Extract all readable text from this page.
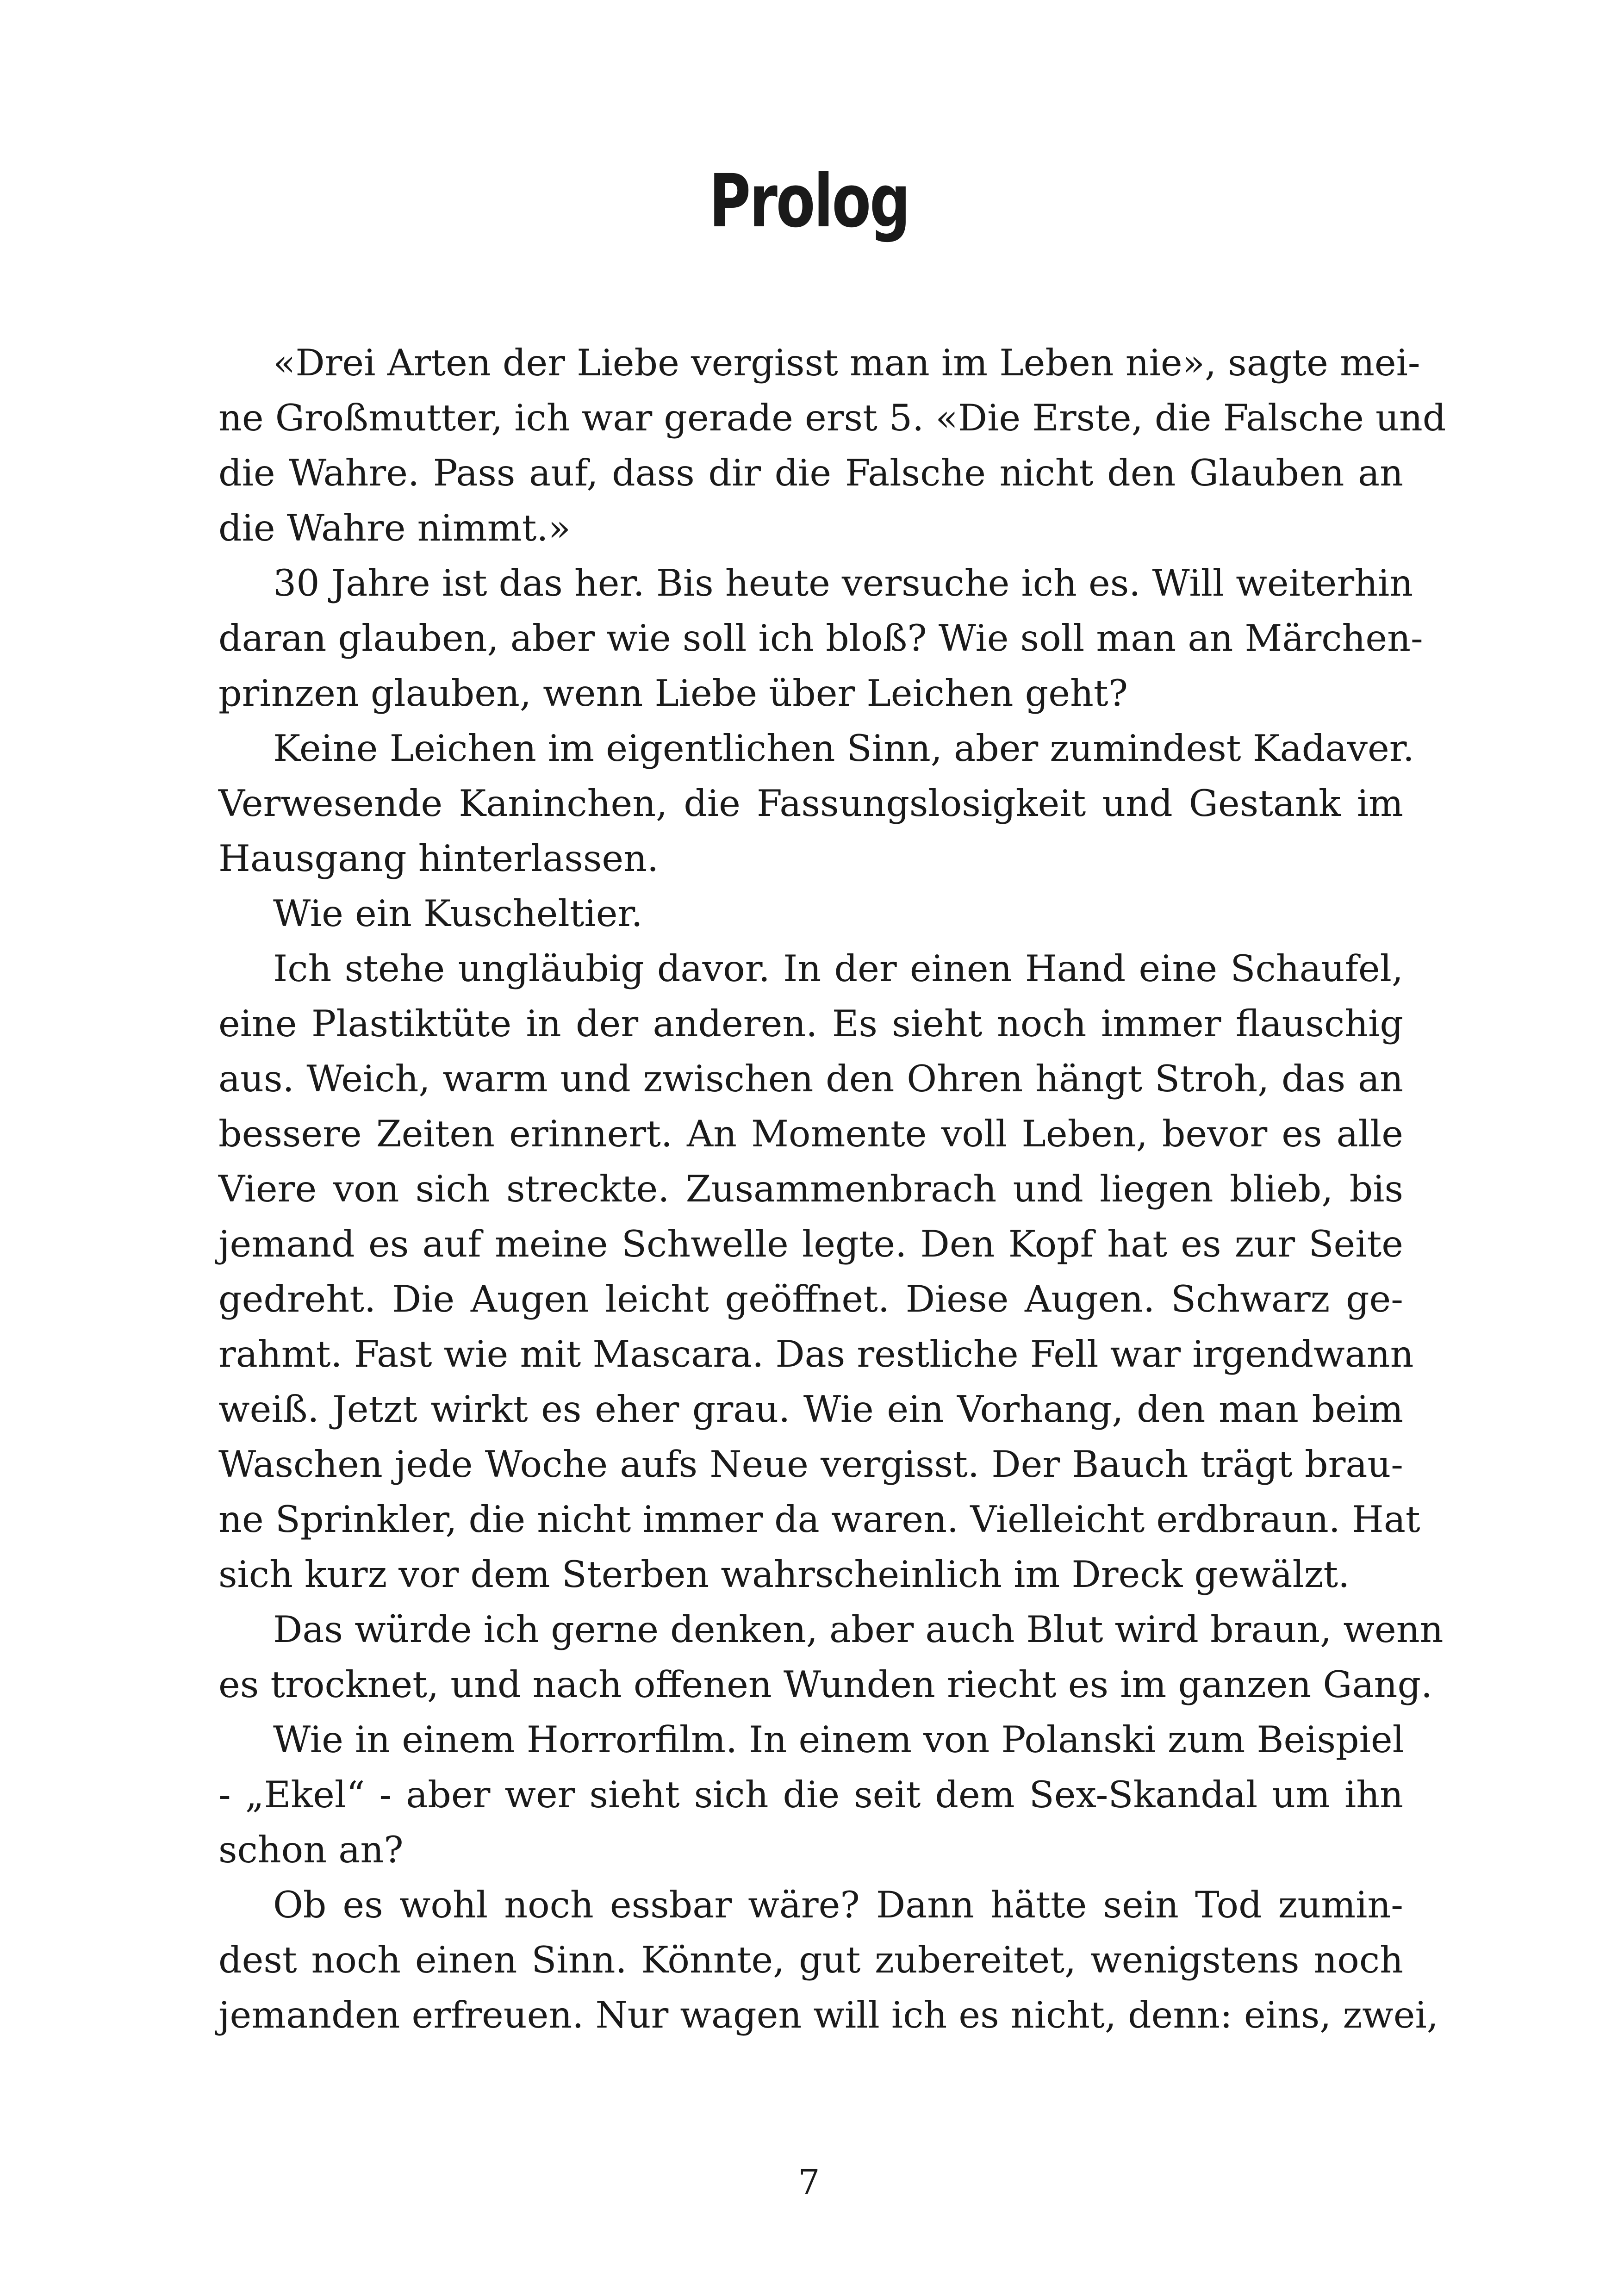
Prolog
«Drei Arten der Liebe vergisst man im Leben nie», sagte mei-
ne Großmutter, ich war gerade erst 5. «Die Erste, die Falsche und
die Wahre. Pass auf, dass dir die Falsche nicht den Glauben an
die Wahre nimmt.»
30 Jahre ist das her. Bis heute versuche ich es. Will weiterhin
daran glauben, aber wie soll ich bloß? Wie soll man an Märchen-
prinzen glauben, wenn Liebe über Leichen geht?
Keine Leichen im eigentlichen Sinn, aber zumindest Kadaver.
Verwesende Kaninchen, die Fassungslosigkeit und Gestank im
Hausgang hinterlassen.
Wie ein Kuscheltier.
Ich stehe ungläubig davor. In der einen Hand eine Schaufel,
eine Plastiktüte in der anderen. Es sieht noch immer flauschig
aus. Weich, warm und zwischen den Ohren hängt Stroh, das an
bessere Zeiten erinnert. An Momente voll Leben, bevor es alle
Viere von sich streckte. Zusammenbrach und liegen blieb, bis
jemand es auf meine Schwelle legte. Den Kopf hat es zur Seite
gedreht. Die Augen leicht geöffnet. Diese Augen. Schwarz ge-
rahmt. Fast wie mit Mascara. Das restliche Fell war irgendwann
weiß. Jetzt wirkt es eher grau. Wie ein Vorhang, den man beim
Waschen jede Woche aufs Neue vergisst. Der Bauch trägt brau-
ne Sprinkler, die nicht immer da waren. Vielleicht erdbraun. Hat
sich kurz vor dem Sterben wahrscheinlich im Dreck gewälzt.
Das würde ich gerne denken, aber auch Blut wird braun, wenn
es trocknet, und nach offenen Wunden riecht es im ganzen Gang.
Wie in einem Horrorfilm. In einem von Polanski zum Beispiel
- „Ekel“ - aber wer sieht sich die seit dem Sex-Skandal um ihn
schon an?
Ob es wohl noch essbar wäre? Dann hätte sein Tod zumin-
dest noch einen Sinn. Könnte, gut zubereitet, wenigstens noch
jemanden erfreuen. Nur wagen will ich es nicht, denn: eins, zwei,
7
